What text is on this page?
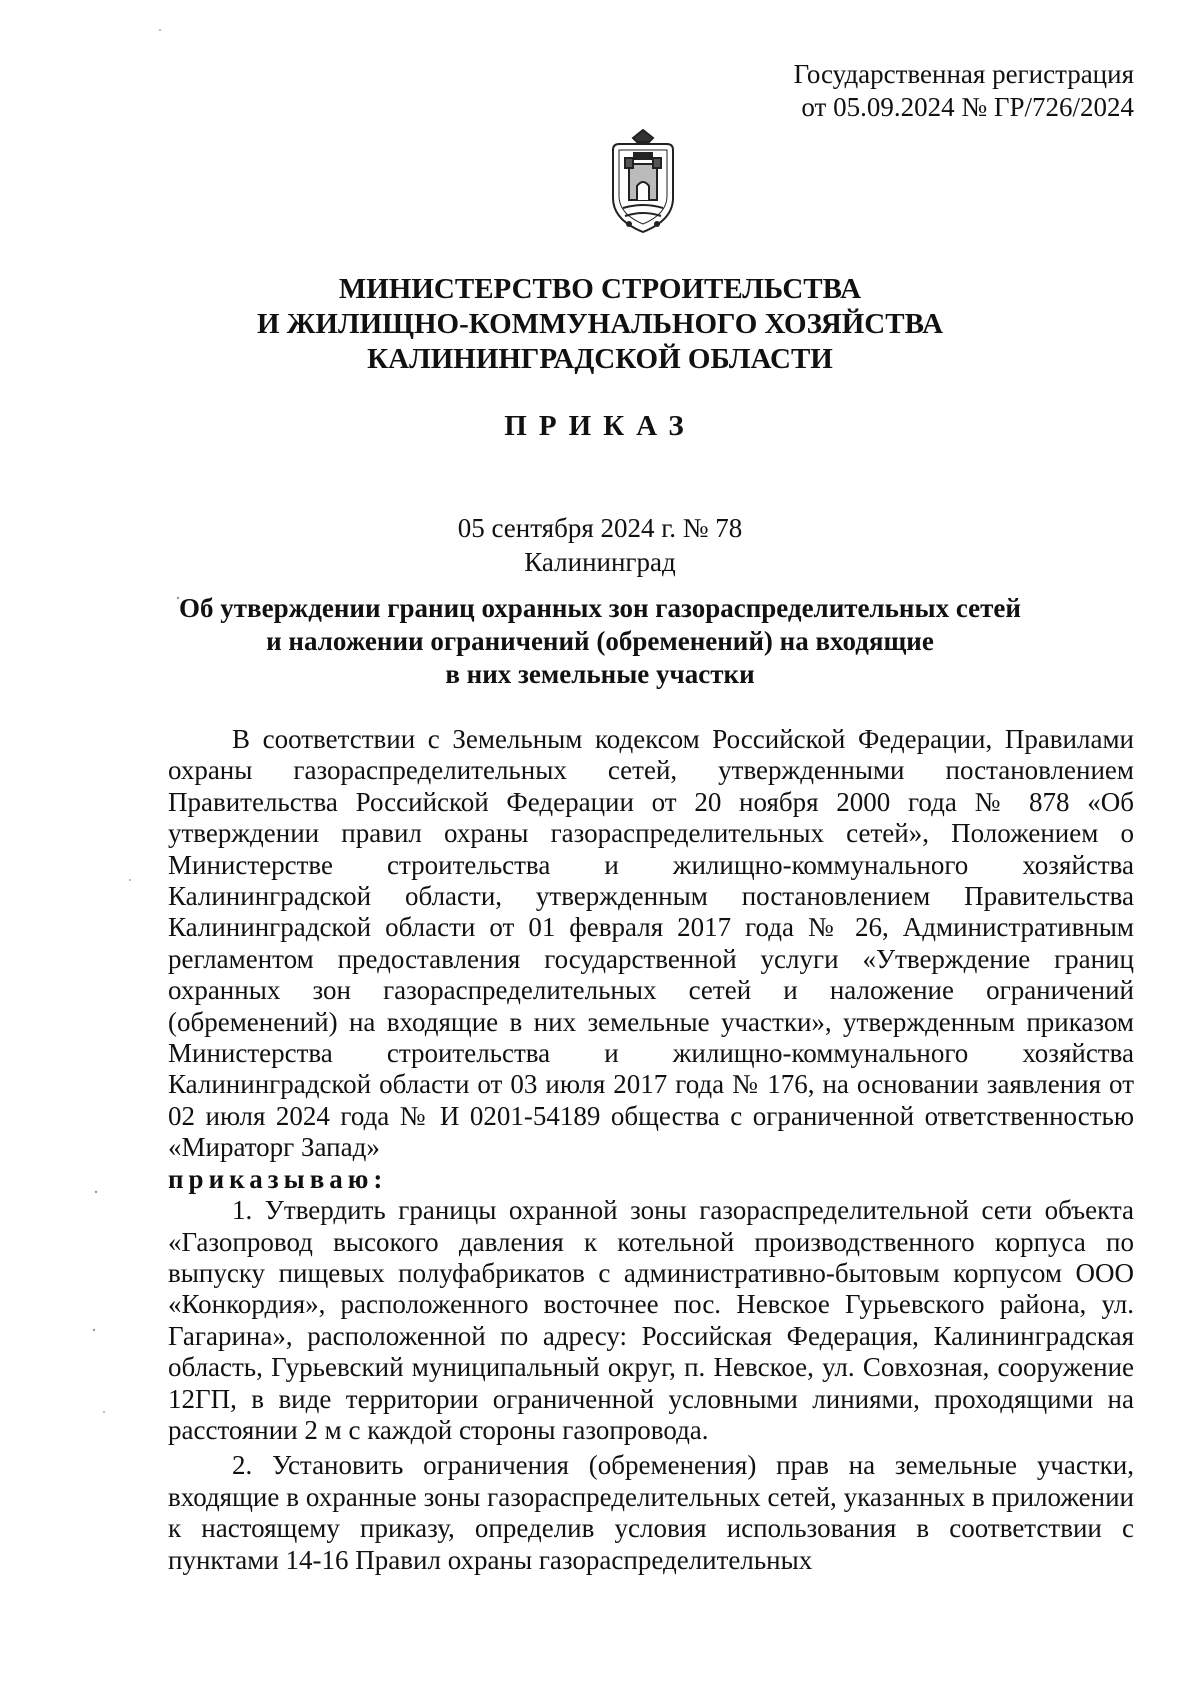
Государственная регистрация
от 05.09.2024 № ГР/726/2024
МИНИСТЕРСТВО СТРОИТЕЛЬСТВА
И ЖИЛИЩНО-КОММУНАЛЬНОГО ХОЗЯЙСТВА
КАЛИНИНГРАДСКОЙ ОБЛАСТИ
ПРИКАЗ
05 сентября 2024 г. № 78
Калининград
Об утверждении границ охранных зон газораспределительных сетей
и наложении ограничений (обременений) на входящие
в них земельные участки

В соответствии с Земельным кодексом Российской Федерации, Правилами охраны газораспределительных сетей, утвержденными постановлением Правительства Российской Федерации от 20 ноября 2000 года № 878 «Об утверждении правил охраны газораспределительных сетей», Положением о Министерстве строительства и жилищно-коммунального хозяйства Калининградской области, утвержденным постановлением Правительства Калининградской области от 01 февраля 2017 года № 26, Административным регламентом предоставления государственной услуги «Утверждение границ охранных зон газораспределительных сетей и наложение ограничений (обременений) на входящие в них земельные участки», утвержденным приказом Министерства строительства и жилищно-коммунального хозяйства Калининградской области от 03 июля 2017 года № 176, на основании заявления от 02 июля 2024 года № И 0201-54189 общества с ограниченной ответственностью «Мираторг Запад»

приказываю:

1. Утвердить границы охранной зоны газораспределительной сети объекта «Газопровод высокого давления к котельной производственного корпуса по выпуску пищевых полуфабрикатов с административно-бытовым корпусом ООО «Конкордия», расположенного восточнее пос. Невское Гурьевского района, ул. Гагарина», расположенной по адресу: Российская Федерация, Калининградская область, Гурьевский муниципальный округ, п. Невское, ул. Совхозная, сооружение 12ГП, в виде территории ограниченной условными линиями, проходящими на расстоянии 2 м с каждой стороны газопровода.

2. Установить ограничения (обременения) прав на земельные участки, входящие в охранные зоны газораспределительных сетей, указанных в приложении к настоящему приказу, определив условия использования в соответствии с пунктами 14-16 Правил охраны газораспределительных
